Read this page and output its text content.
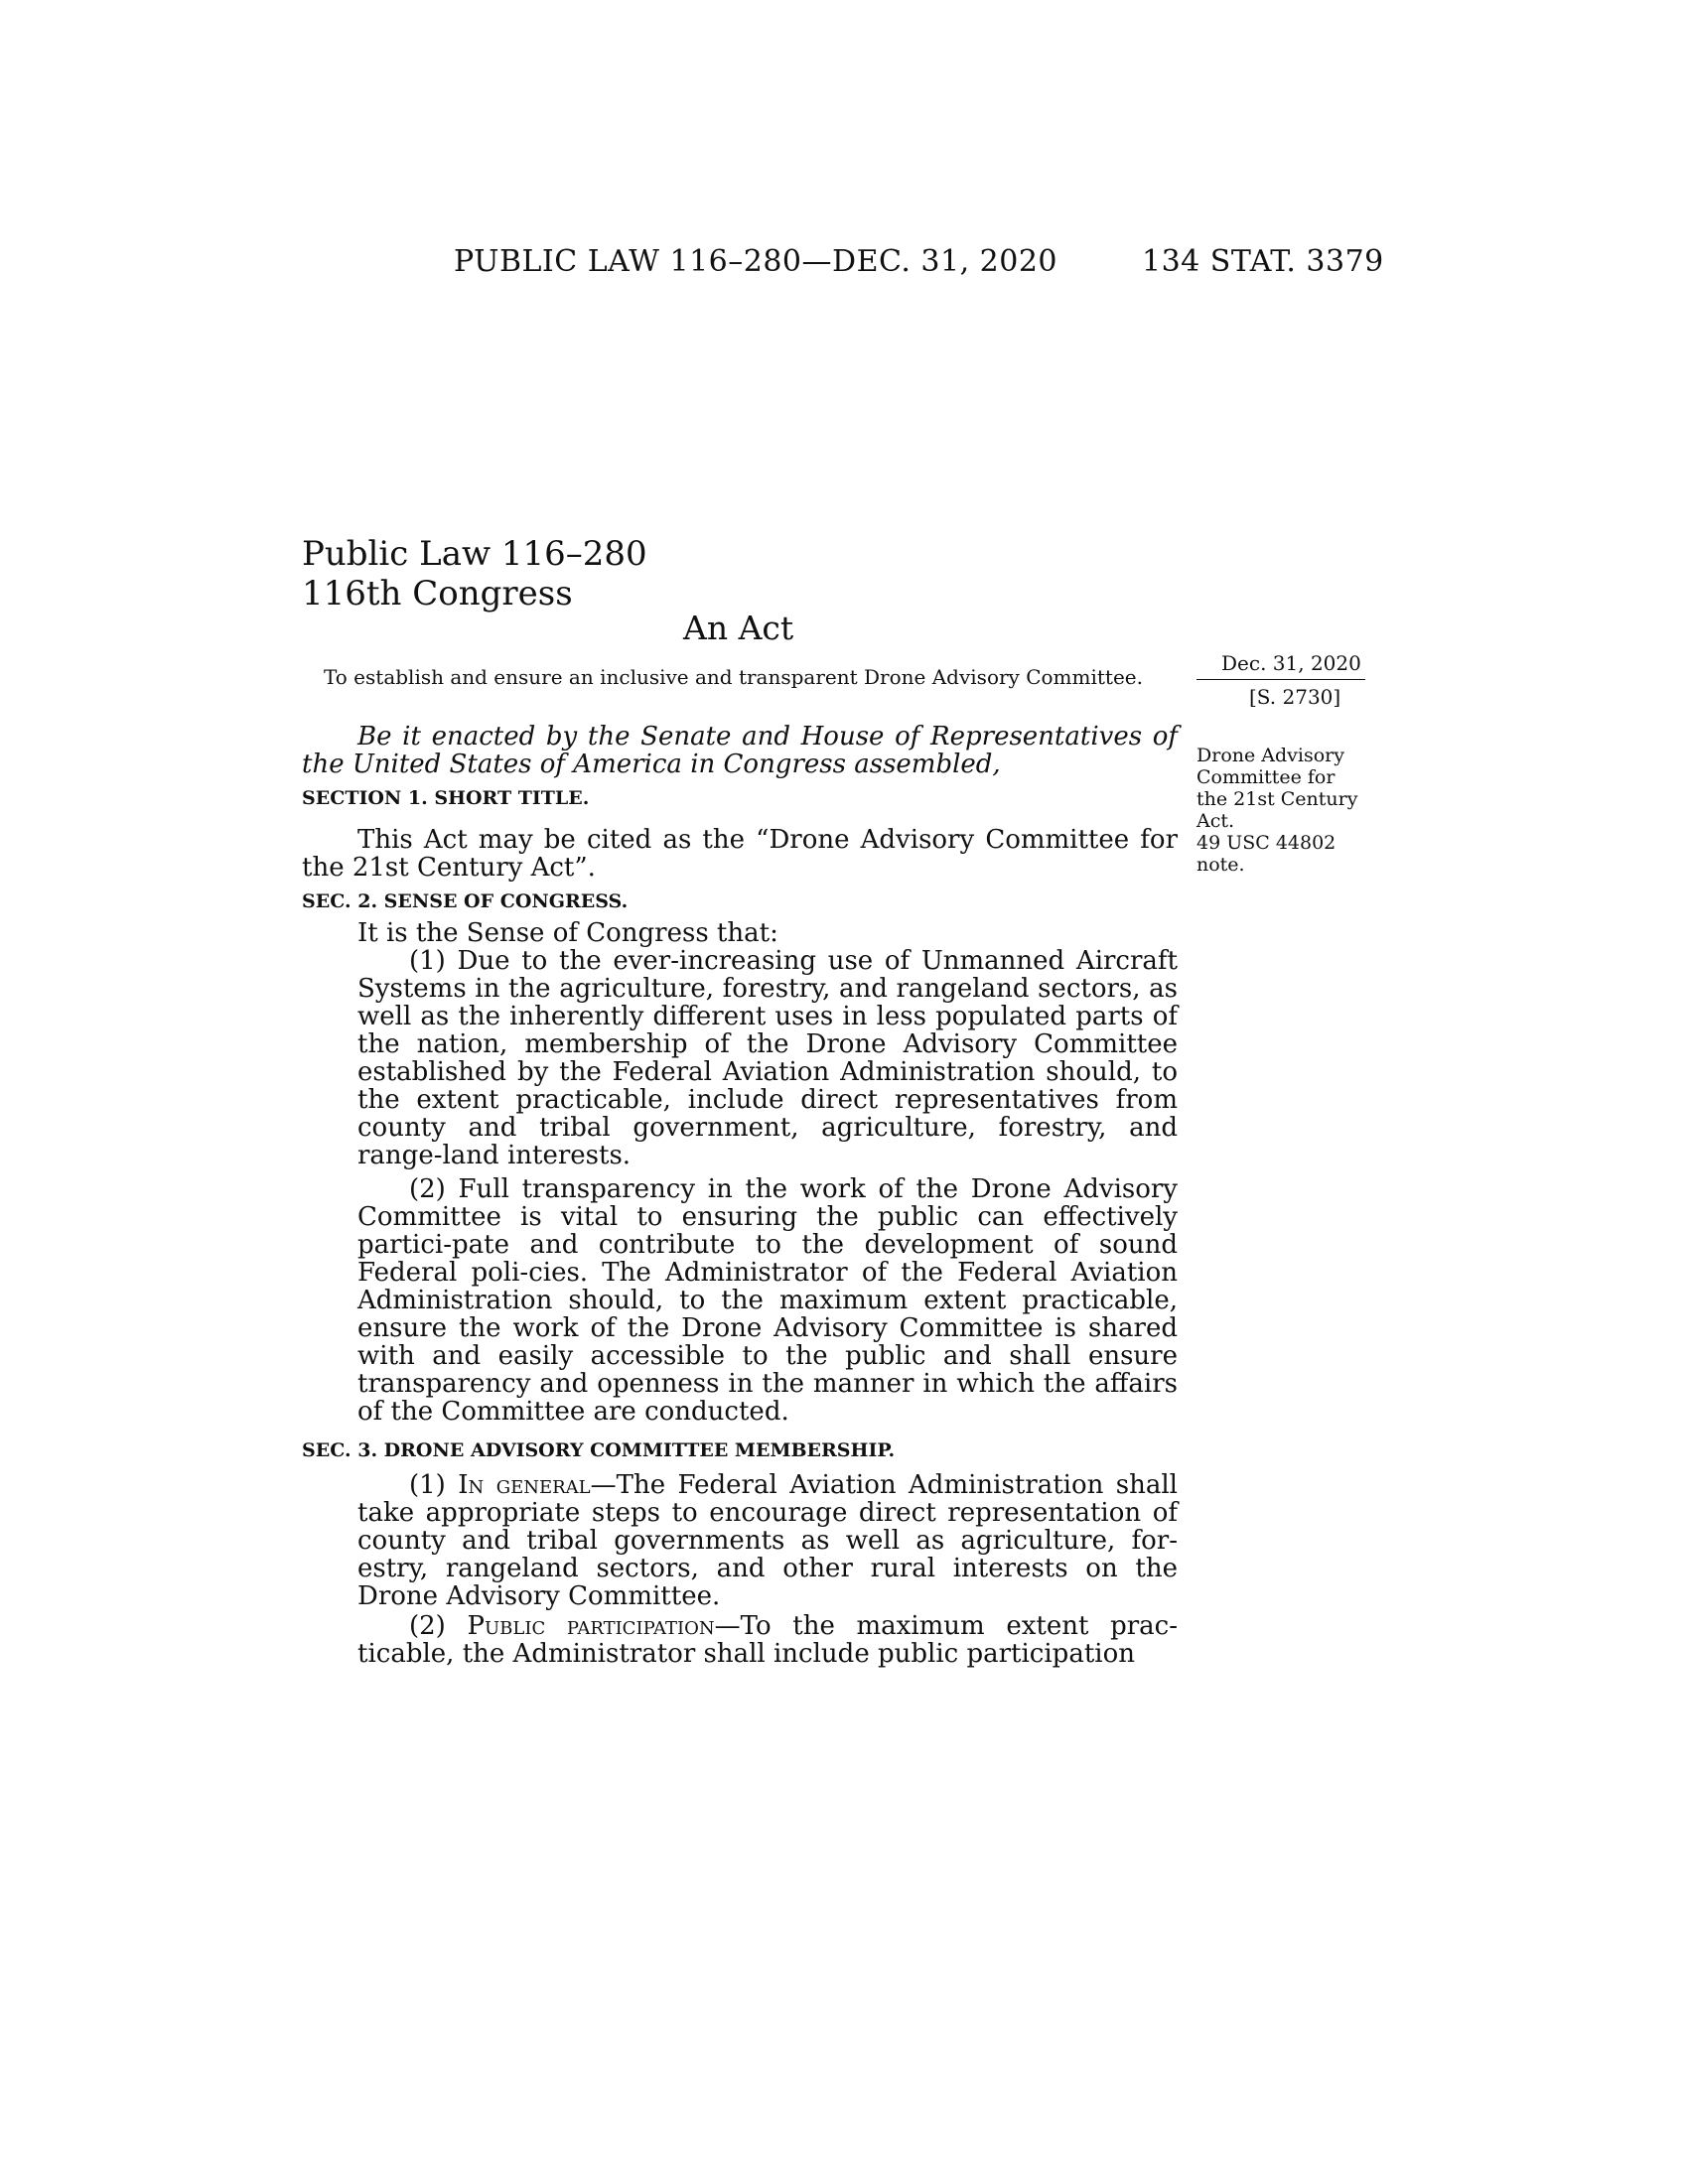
PUBLIC LAW 116–280—DEC. 31, 2020	134 STAT. 3379
Public Law 116–280
116th Congress
An Act
To establish and ensure an inclusive and transparent Drone Advisory Committee.
Dec. 31, 2020
[S. 2730]
Drone Advisory
Committee for
the 21st Century
Act.
49 USC 44802
note.
Be it enacted by the Senate and House of Representatives of the United States of America in Congress assembled,
SECTION 1. SHORT TITLE.
This Act may be cited as the “Drone Advisory Committee for the 21st Century Act”.
SEC. 2. SENSE OF CONGRESS.
It is the Sense of Congress that:
(1) Due to the ever-increasing use of Unmanned Aircraft Systems in the agriculture, forestry, and rangeland sectors, as well as the inherently different uses in less populated parts of the nation, membership of the Drone Advisory Committee established by the Federal Aviation Administration should, to the extent practicable, include direct representatives from county and tribal government, agriculture, forestry, and range-land interests.
(2) Full transparency in the work of the Drone Advisory Committee is vital to ensuring the public can effectively partici-pate and contribute to the development of sound Federal poli-cies. The Administrator of the Federal Aviation Administration should, to the maximum extent practicable, ensure the work of the Drone Advisory Committee is shared with and easily accessible to the public and shall ensure transparency and openness in the manner in which the affairs of the Committee are conducted.
SEC. 3. DRONE ADVISORY COMMITTEE MEMBERSHIP.
(1) In general—The Federal Aviation Administration shall take appropriate steps to encourage direct representation of county and tribal governments as well as agriculture, for-estry, rangeland sectors, and other rural interests on the Drone Advisory Committee.
(2) Public participation—To the maximum extent prac-ticable, the Administrator shall include public participation
